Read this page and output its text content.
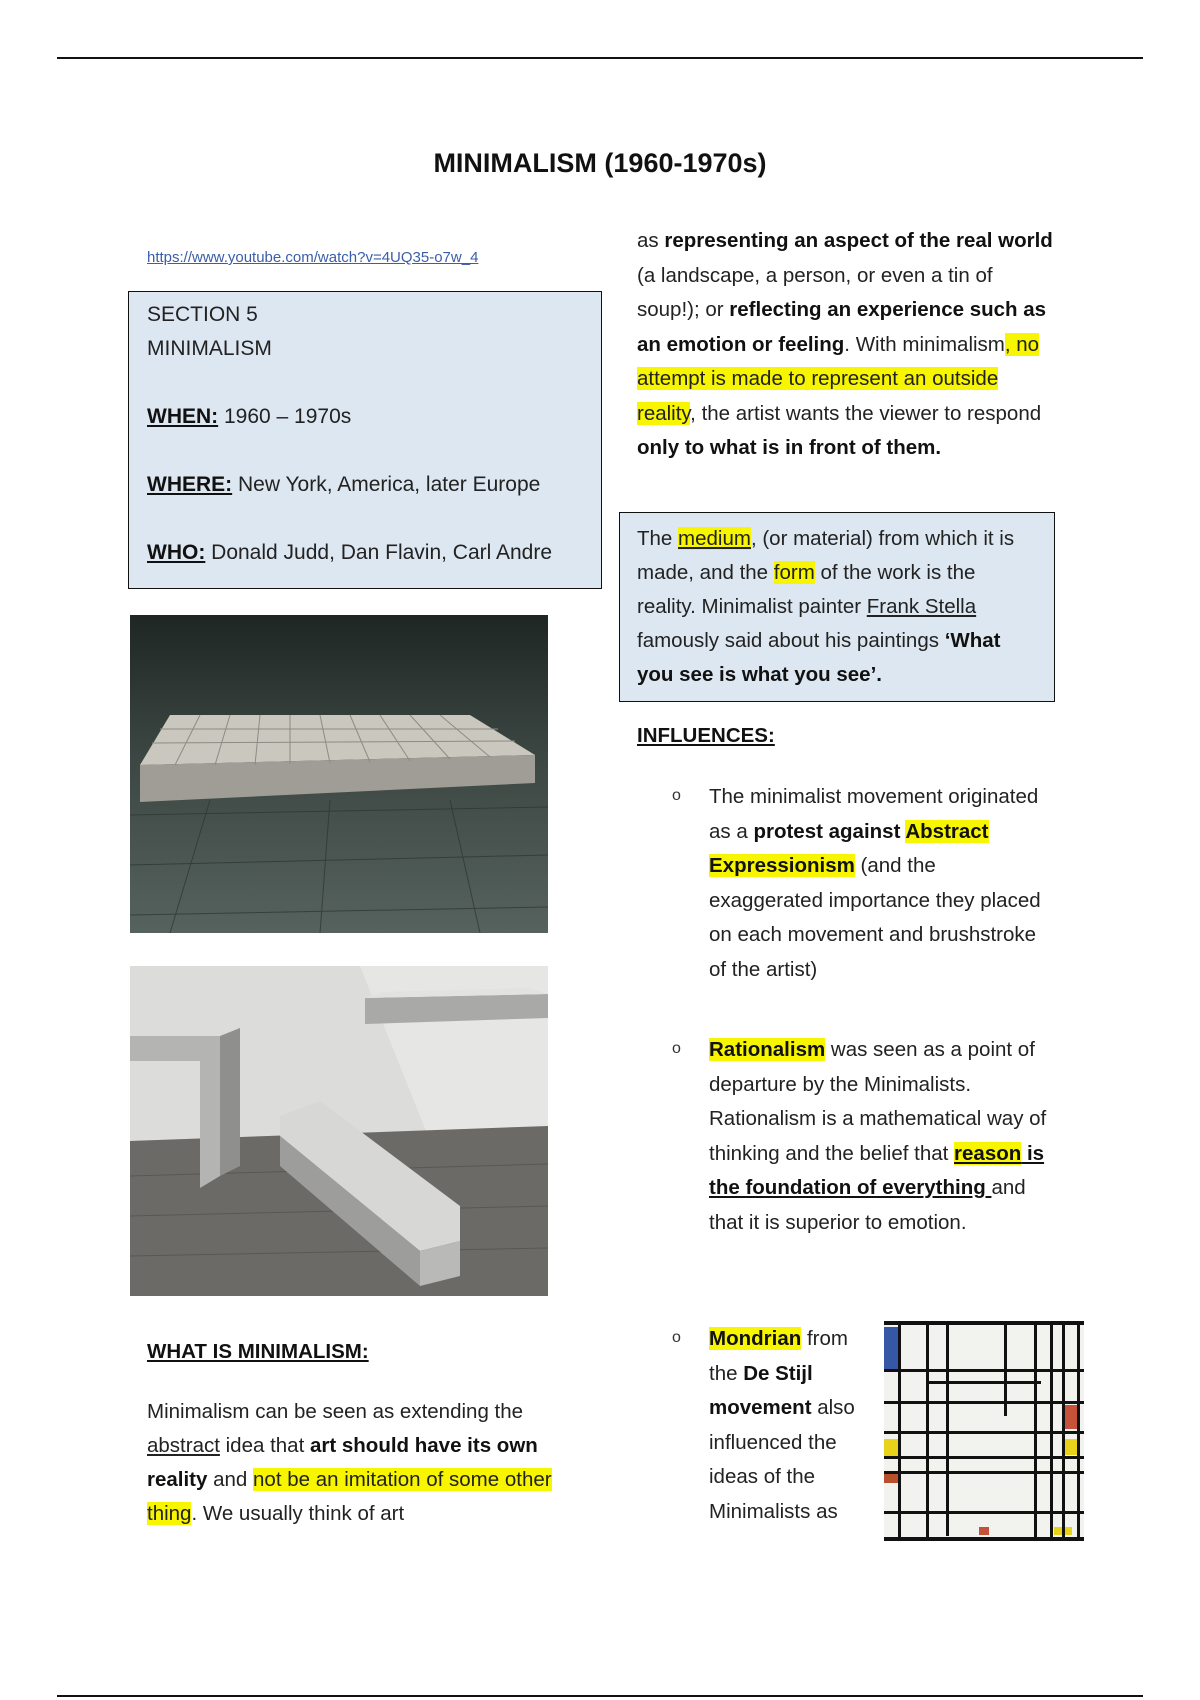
MINIMALISM (1960-1970s)
https://www.youtube.com/watch?v=4UQ35-o7w_4

SECTION 5

MINIMALISM

WHEN: 1960 – 1970s

WHERE: New York, America, later Europe

WHO: Donald Judd, Dan Flavin, Carl Andre

WHAT IS MINIMALISM:

Minimalism can be seen as extending the abstract idea that art should have its own reality and not be an imitation of some other thing. We usually think of art

as representing an aspect of the real world (a landscape, a person, or even a tin of soup!); or reflecting an experience such as an emotion or feeling. With minimalism, no attempt is made to represent an outside reality, the artist wants the viewer to respond only to what is in front of them.

The medium, (or material) from which it is made, and the form of the work is the reality. Minimalist painter Frank Stella famously said about his paintings ‘What you see is what you see’.

INFLUENCES:
o The minimalist movement originated as a protest against Abstract Expressionism (and the exaggerated importance they placed on each movement and brushstroke of the artist)

o Rationalism was seen as a point of departure by the Minimalists. Rationalism is a mathematical way of thinking and the belief that reason is the foundation of everything and that it is superior to emotion.

o Mondrian from the De Stijl movement also influenced the ideas of the Minimalists as
